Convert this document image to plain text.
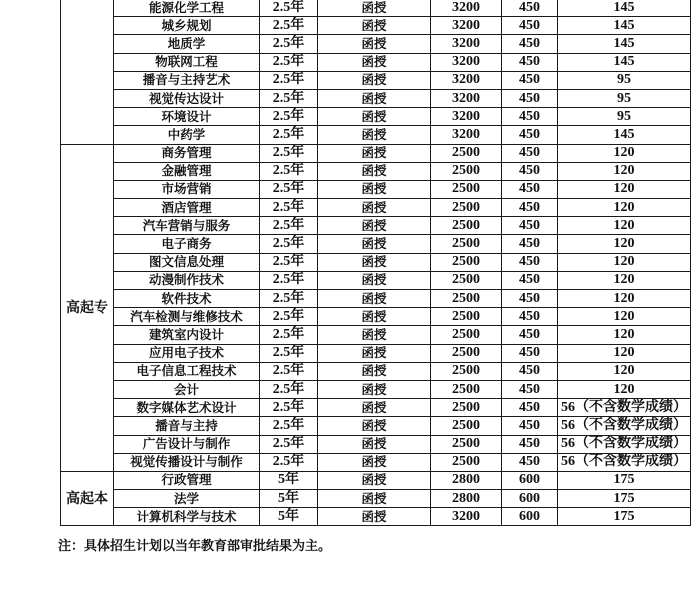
	能源化学工程	2.5年	函授	3200	450	145
	城乡规划	2.5年	函授	3200	450	145
	地质学	2.5年	函授	3200	450	145
	物联网工程	2.5年	函授	3200	450	145
	播音与主持艺术	2.5年	函授	3200	450	95
	视觉传达设计	2.5年	函授	3200	450	95
	环境设计	2.5年	函授	3200	450	95
	中药学	2.5年	函授	3200	450	145
高起专	商务管理	2.5年	函授	2500	450	120
	金融管理	2.5年	函授	2500	450	120
	市场营销	2.5年	函授	2500	450	120
	酒店管理	2.5年	函授	2500	450	120
	汽车营销与服务	2.5年	函授	2500	450	120
	电子商务	2.5年	函授	2500	450	120
	图文信息处理	2.5年	函授	2500	450	120
	动漫制作技术	2.5年	函授	2500	450	120
	软件技术	2.5年	函授	2500	450	120
	汽车检测与维修技术	2.5年	函授	2500	450	120
	建筑室内设计	2.5年	函授	2500	450	120
	应用电子技术	2.5年	函授	2500	450	120
	电子信息工程技术	2.5年	函授	2500	450	120
	会计	2.5年	函授	2500	450	120
	数字媒体艺术设计	2.5年	函授	2500	450	56（不含数学成绩）
	播音与主持	2.5年	函授	2500	450	56（不含数学成绩）
	广告设计与制作	2.5年	函授	2500	450	56（不含数学成绩）
	视觉传播设计与制作	2.5年	函授	2500	450	56（不含数学成绩）
高起本	行政管理	5年	函授	2800	600	175
	法学	5年	函授	2800	600	175
	计算机科学与技术	5年	函授	3200	600	175
注：具体招生计划以当年教育部审批结果为主。
